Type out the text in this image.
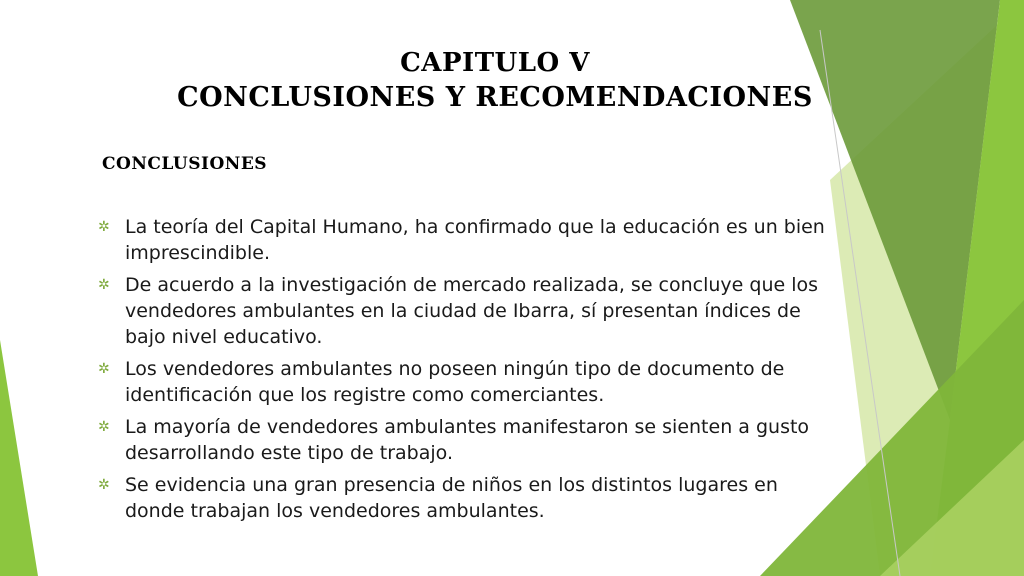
CAPITULO V
CONCLUSIONES Y RECOMENDACIONES
CONCLUSIONES
✲ La teoría del Capital Humano, ha confirmado que la educación es un bien imprescindible.
✲ De acuerdo a la investigación de mercado realizada, se concluye que los vendedores ambulantes en la ciudad de Ibarra, sí presentan índices de bajo nivel educativo.
✲ Los vendedores ambulantes no poseen ningún tipo de documento de identificación que los registre como comerciantes.
✲ La mayoría de vendedores ambulantes manifestaron se sienten a gusto desarrollando este tipo de trabajo.
✲ Se evidencia una gran presencia de niños en los distintos lugares en donde trabajan los vendedores ambulantes.
